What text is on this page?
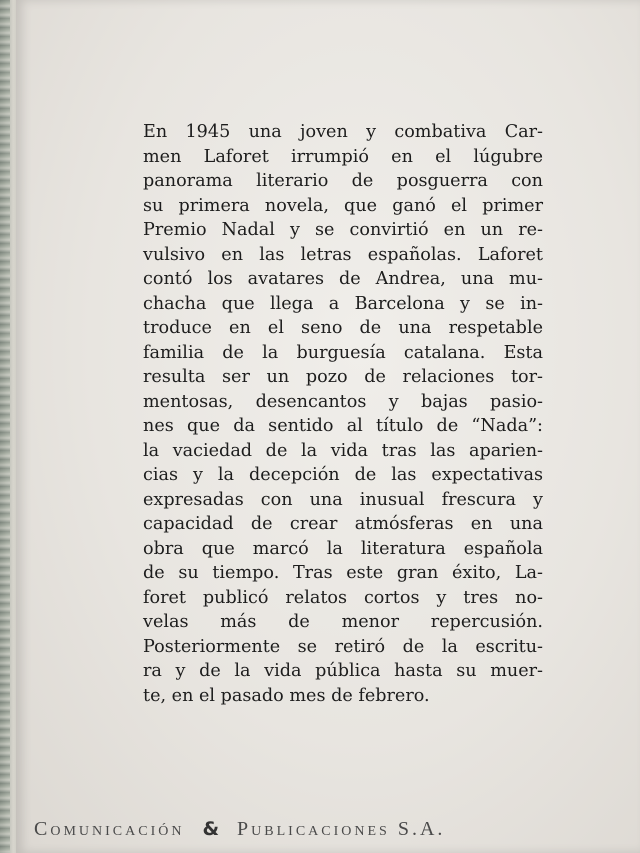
En 1945 una joven y combativa Car-
men Laforet irrumpió en el lúgubre
panorama literario de posguerra con
su primera novela, que ganó el primer
Premio Nadal y se convirtió en un re-
vulsivo en las letras españolas. Laforet
contó los avatares de Andrea, una mu-
chacha que llega a Barcelona y se in-
troduce en el seno de una respetable
familia de la burguesía catalana. Esta
resulta ser un pozo de relaciones tor-
mentosas, desencantos y bajas pasio-
nes que da sentido al título de “Nada”:
la vaciedad de la vida tras las aparien-
cias y la decepción de las expectativas
expresadas con una inusual frescura y
capacidad de crear atmósferas en una
obra que marcó la literatura española
de su tiempo. Tras este gran éxito, La-
foret publicó relatos cortos y tres no-
velas más de menor repercusión.
Posteriormente se retiró de la escritu-
ra y de la vida pública hasta su muer-
te, en el pasado mes de febrero.
Comunicación & Publicaciones S.A.
